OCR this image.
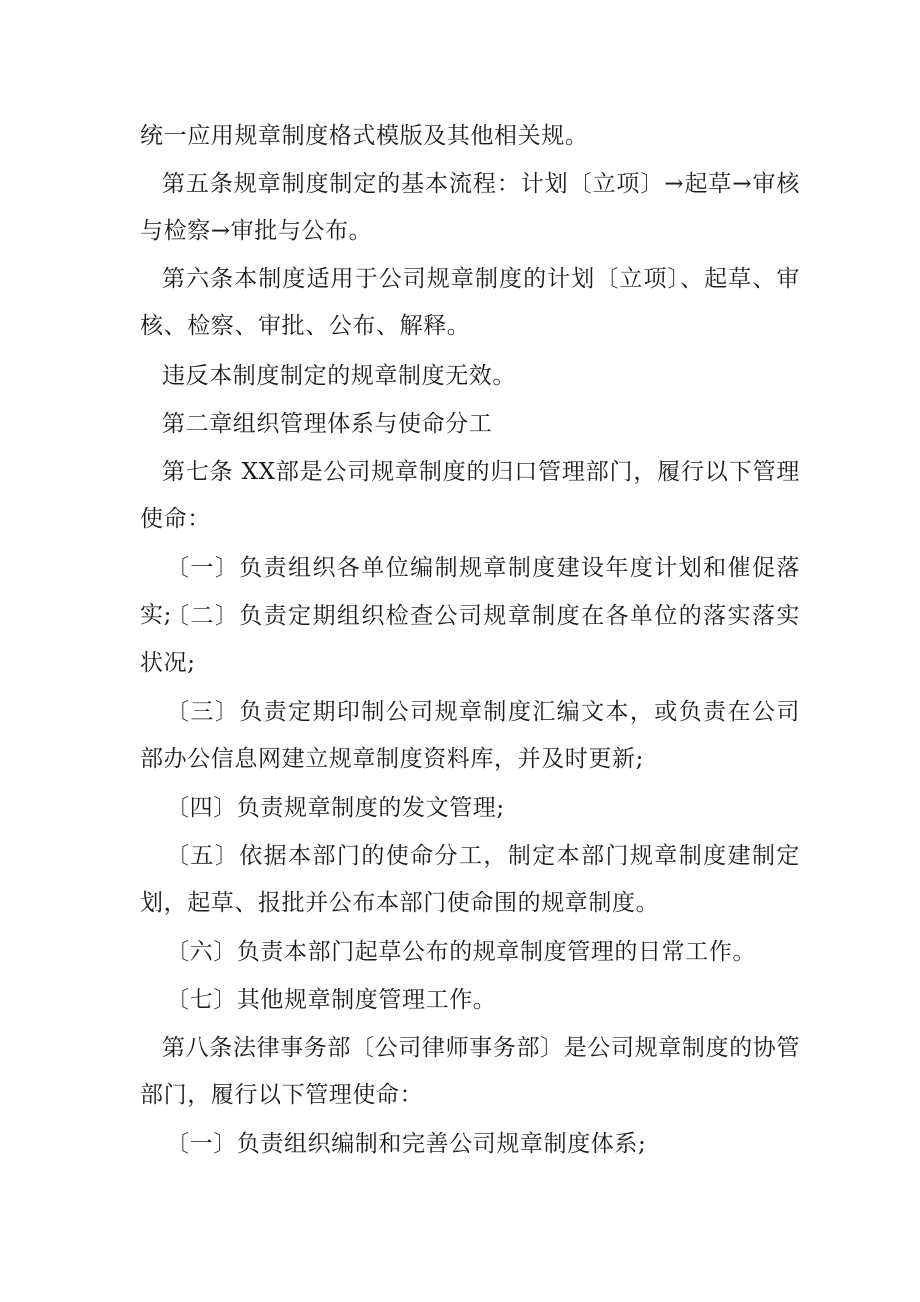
统一应用规章制度格式模版及其他相关规。

第五条规章制度制定的基本流程：计划〔立项〕→起草→审核与检察→审批与公布。

第六条本制度适用于公司规章制度的计划〔立项〕、起草、审核、检察、审批、公布、解释。

违反本制度制定的规章制度无效。

第二章组织管理体系与使命分工

第七条 XX部是公司规章制度的归口管理部门，履行以下管理使命：

〔一〕负责组织各单位编制规章制度建设年度计划和催促落实;

〔二〕负责定期组织检查公司规章制度在各单位的落实落实状况;

〔三〕负责定期印制公司规章制度汇编文本，或负责在公司部办公信息网建立规章制度资料库，并及时更新;

〔四〕负责规章制度的发文管理;

〔五〕依据本部门的使命分工，制定本部门规章制度建制定划，起草、报批并公布本部门使命围的规章制度。

〔六〕负责本部门起草公布的规章制度管理的日常工作。

〔七〕其他规章制度管理工作。

第八条法律事务部〔公司律师事务部〕是公司规章制度的协管部门，履行以下管理使命：

〔一〕负责组织编制和完善公司规章制度体系;
